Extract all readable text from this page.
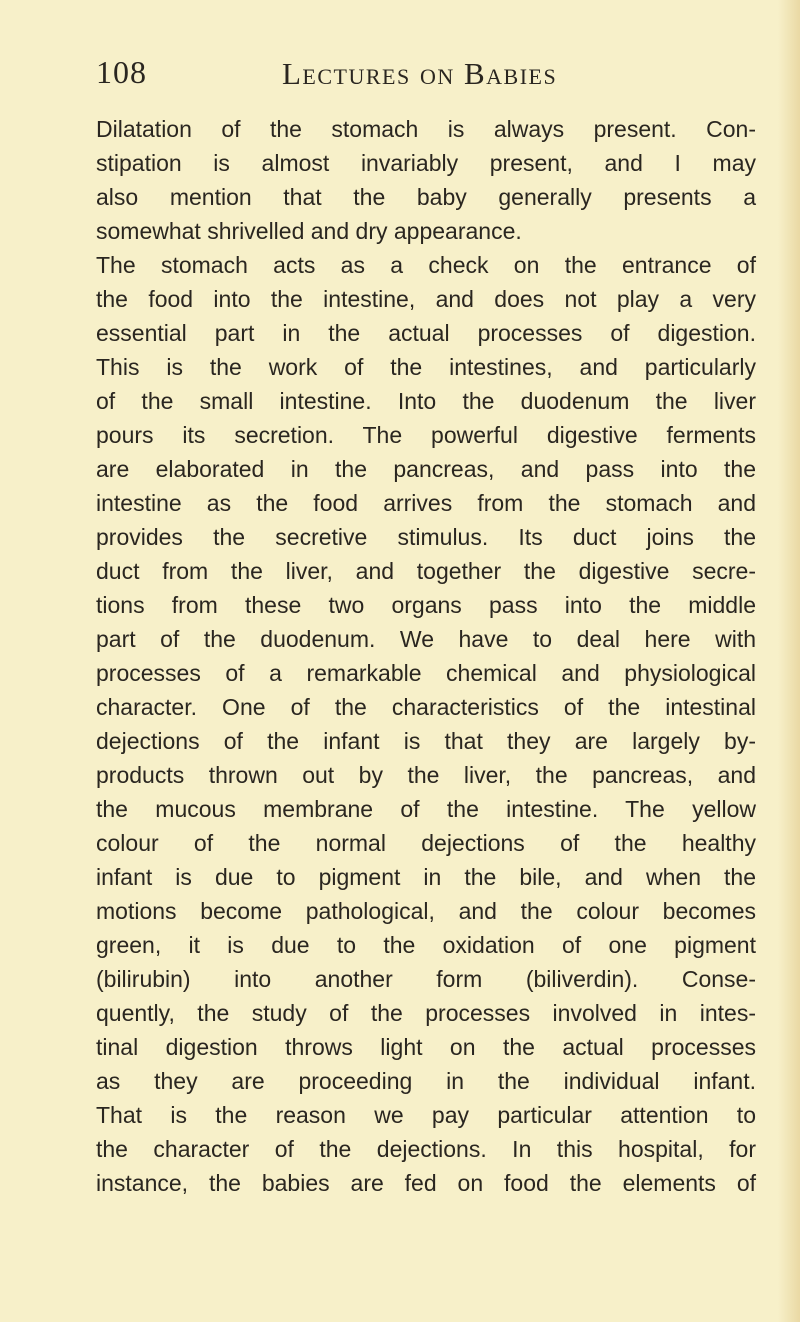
108	Lectures on Babies
Dilatation of the stomach is always present. Con-
stipation is almost invariably present, and I may
also mention that the baby generally presents a
somewhat shrivelled and dry appearance.
The stomach acts as a check on the entrance of
the food into the intestine, and does not play a very
essential part in the actual processes of digestion.
This is the work of the intestines, and particularly
of the small intestine. Into the duodenum the liver
pours its secretion. The powerful digestive ferments
are elaborated in the pancreas, and pass into the
intestine as the food arrives from the stomach and
provides the secretive stimulus. Its duct joins the
duct from the liver, and together the digestive secre-
tions from these two organs pass into the middle
part of the duodenum. We have to deal here with
processes of a remarkable chemical and physiological
character. One of the characteristics of the intestinal
dejections of the infant is that they are largely by-
products thrown out by the liver, the pancreas, and
the mucous membrane of the intestine. The yellow
colour of the normal dejections of the healthy
infant is due to pigment in the bile, and when the
motions become pathological, and the colour becomes
green, it is due to the oxidation of one pigment
(bilirubin) into another form (biliverdin). Conse-
quently, the study of the processes involved in intes-
tinal digestion throws light on the actual processes
as they are proceeding in the individual infant.
That is the reason we pay particular attention to
the character of the dejections. In this hospital, for
instance, the babies are fed on food the elements of
